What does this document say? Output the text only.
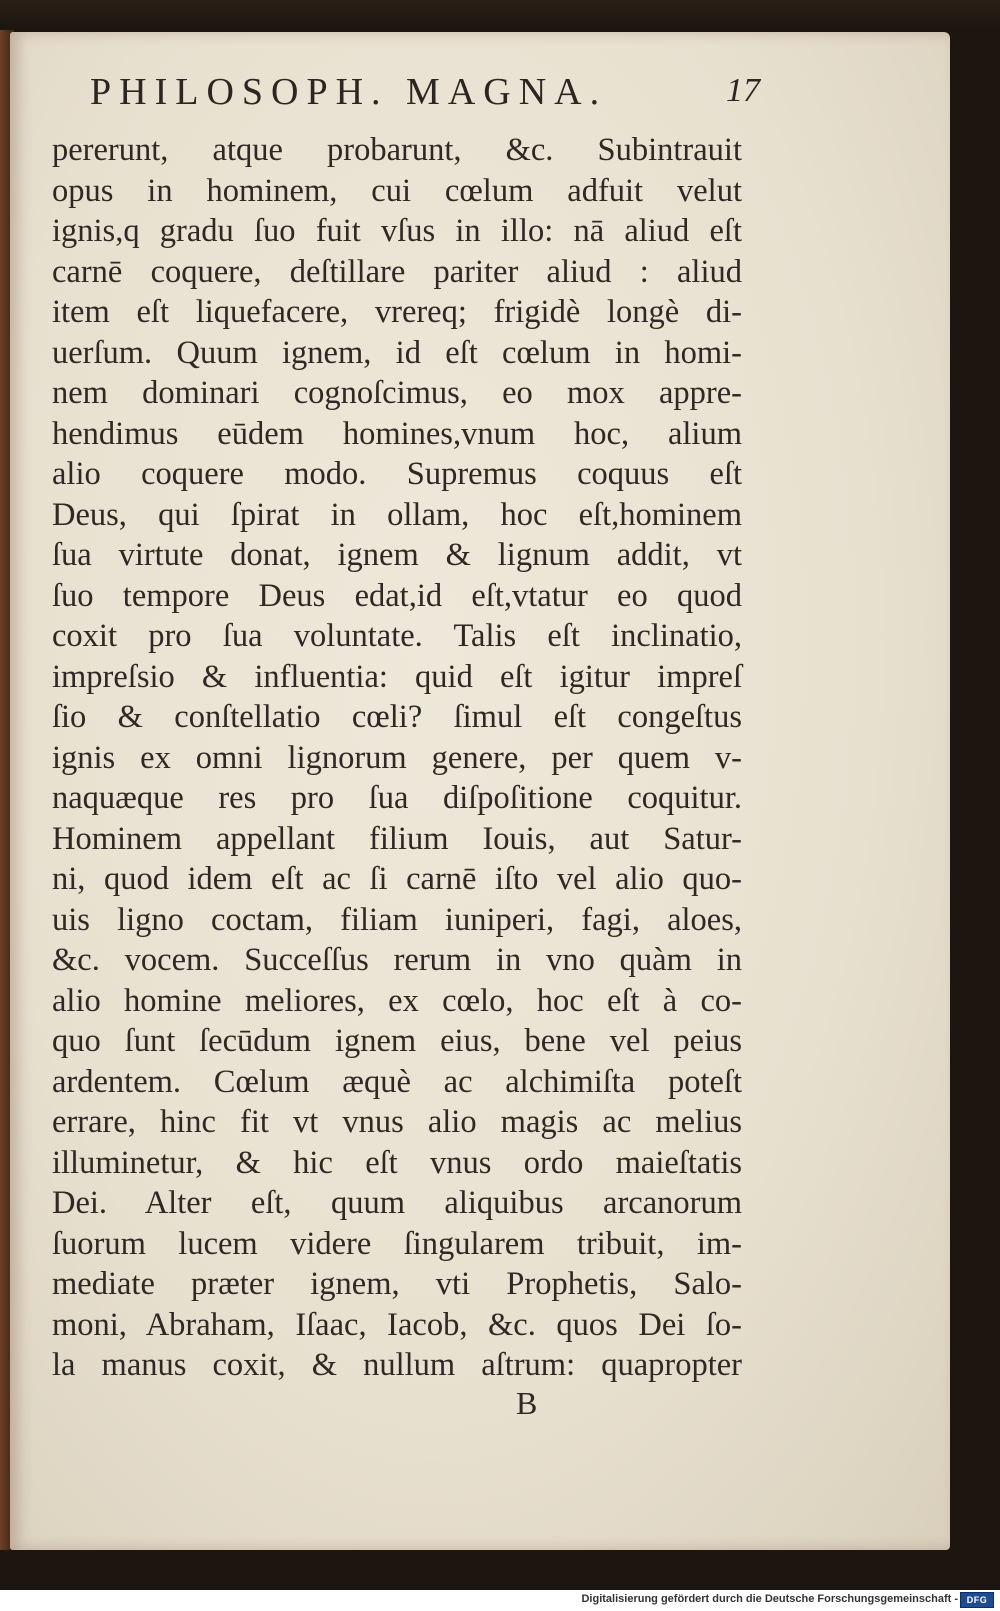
PHILOSOPH. MAGNA.	17
pererunt, atque probarunt, &c. Subintrauit
opus in hominem, cui cœlum adfuit velut
ignis,q gradu ſuo fuit vſus in illo: nā aliud eſt
carnē coquere, deſtillare pariter aliud : aliud
item eſt liquefacere, vrereq; frigidè longè di-
uerſum. Quum ignem, id eſt cœlum in homi-
nem dominari cognoſcimus, eo mox appre-
hendimus eūdem homines,vnum hoc, alium
alio coquere modo. Supremus coquus eſt
Deus, qui ſpirat in ollam, hoc eſt,hominem
ſua virtute donat, ignem & lignum addit, vt
ſuo tempore Deus edat,id eſt,vtatur eo quod
coxit pro ſua voluntate. Talis eſt inclinatio,
impreſsio & influentia: quid eſt igitur impreſ
ſio & conſtellatio cœli? ſimul eſt congeſtus
ignis ex omni lignorum genere, per quem v-
naquæque res pro ſua diſpoſitione coquitur.
Hominem appellant filium Iouis, aut Satur-
ni, quod idem eſt ac ſi carnē iſto vel alio quo-
uis ligno coctam, filiam iuniperi, fagi, aloes,
&c. vocem. Succeſſus rerum in vno quàm in
alio homine meliores, ex cœlo, hoc eſt à co-
quo ſunt ſecūdum ignem eius, bene vel peius
ardentem. Cœlum æquè ac alchimiſta poteſt
errare, hinc fit vt vnus alio magis ac melius
illuminetur, & hic eſt vnus ordo maieſtatis
Dei. Alter eſt, quum aliquibus arcanorum
ſuorum lucem videre ſingularem tribuit, im-
mediate præter ignem, vti Prophetis, Salo-
moni, Abraham, Iſaac, Iacob, &c. quos Dei ſo-
la manus coxit, & nullum aſtrum: quapropter
B
Digitalisierung gefördert durch die Deutsche Forschungsgemeinschaft - DFG
